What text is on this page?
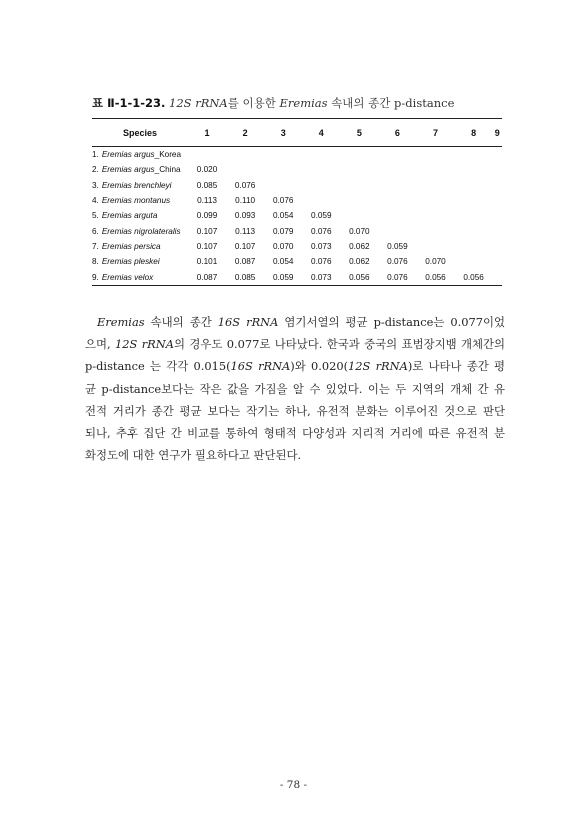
표 Ⅱ-1-1-23. 12S rRNA를 이용한 Eremias 속내의 종간 p-distance
Species	1	2	3	4	5	6	7	8	9
1. Eremias argus_Korea									
2. Eremias argus_China	0.020								
3. Eremias brenchleyi	0.085	0.076							
4. Eremias montanus	0.113	0.110	0.076						
5. Eremias arguta	0.099	0.093	0.054	0.059					
6. Eremias nigrolateralis	0.107	0.113	0.079	0.076	0.070				
7. Eremias persica	0.107	0.107	0.070	0.073	0.062	0.059			
8. Eremias pleskei	0.101	0.087	0.054	0.076	0.062	0.076	0.070		
9. Eremias velox	0.087	0.085	0.059	0.073	0.056	0.076	0.056	0.056	
Eremias 속내의 종간 16S rRNA 염기서열의 평균 p-distance는 0.077이었
으며, 12S rRNA의 경우도 0.077로 나타났다. 한국과 중국의 표범장지뱀 개체간의
p-distance 는 각각 0.015(16S rRNA)와 0.020(12S rRNA)로 나타나 종간 평
균 p-distance보다는 작은 값을 가짐을 알 수 있었다. 이는 두 지역의 개체 간 유
전적 거리가 종간 평균 보다는 작기는 하나, 유전적 분화는 이루어진 것으로 판단
되나, 추후 집단 간 비교를 통하여 형태적 다양성과 지리적 거리에 따른 유전적 분
화정도에 대한 연구가 필요하다고 판단된다.
- 78 -
